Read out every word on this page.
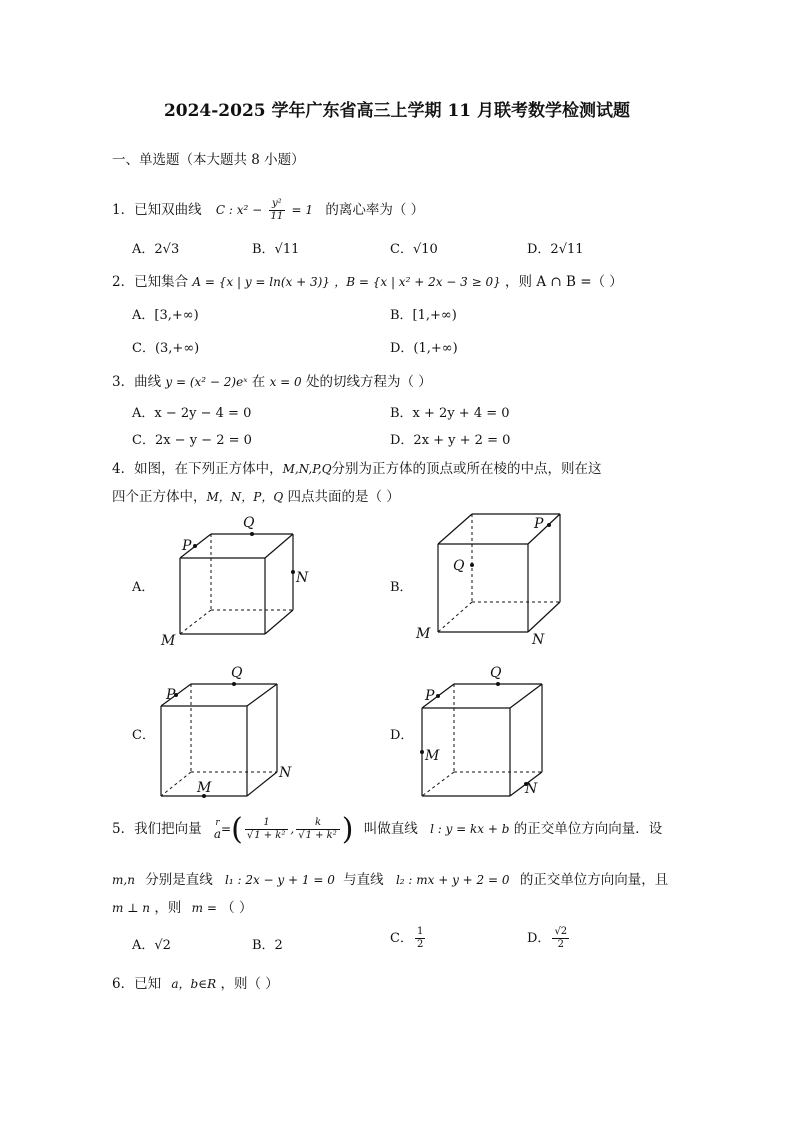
2024-2025 学年广东省高三上学期 11 月联考数学检测试题
一、单选题（本大题共 8 小题）
1．已知双曲线 C : $x^2 - \frac{\text{y²}}{11} = 1$ 的离心率为（ ）
A．2√3	B．√11	C．√10	D．2√11
2．已知集合 A = {x | y = ln(x + 3)} ，B = {x | x² + 2x − 3 ≥ 0} ，则 A ∩ B =（ ）
A．[3,+∞)	B．[1,+∞)
C．(3,+∞)	D．(1,+∞)
3．曲线 y = (x² − 2)eˣ 在 x = 0 处的切线方程为（ ）
A．x − 2y − 4 = 0	B．x + 2y + 4 = 0
C．2x − y − 2 = 0	D．2x + y + 2 = 0
4．如图，在下列正方体中，M,N,P,Q分别为正方体的顶点或所在棱的中点，则在这
四个正方体中，M，N，P，Q 四点共面的是（ ）
A．	B．
C．	D．
P
Q
N
M
P
Q
M	N
P
Q
N
M
P
Q
M
N
5．我们把向量 r
a =( $\frac{1}{\text{√1 + k²}}$ , $\frac{k}{\text{√1 + k²}}$ ) 叫做直线 l : y = kx + b 的正交单位方向向量．设
m,n 分别是直线 l₁ : 2x − y + 1 = 0 与直线 l₂ : mx + y + 2 = 0 的正交单位方向向量，且
m ⊥ n ，则 m = （ ）
A．√2	B．2	C． $\frac{1}{2}$	D． $\frac{√2}{2}$
6．已知 a，b∈R ，则（ ）
